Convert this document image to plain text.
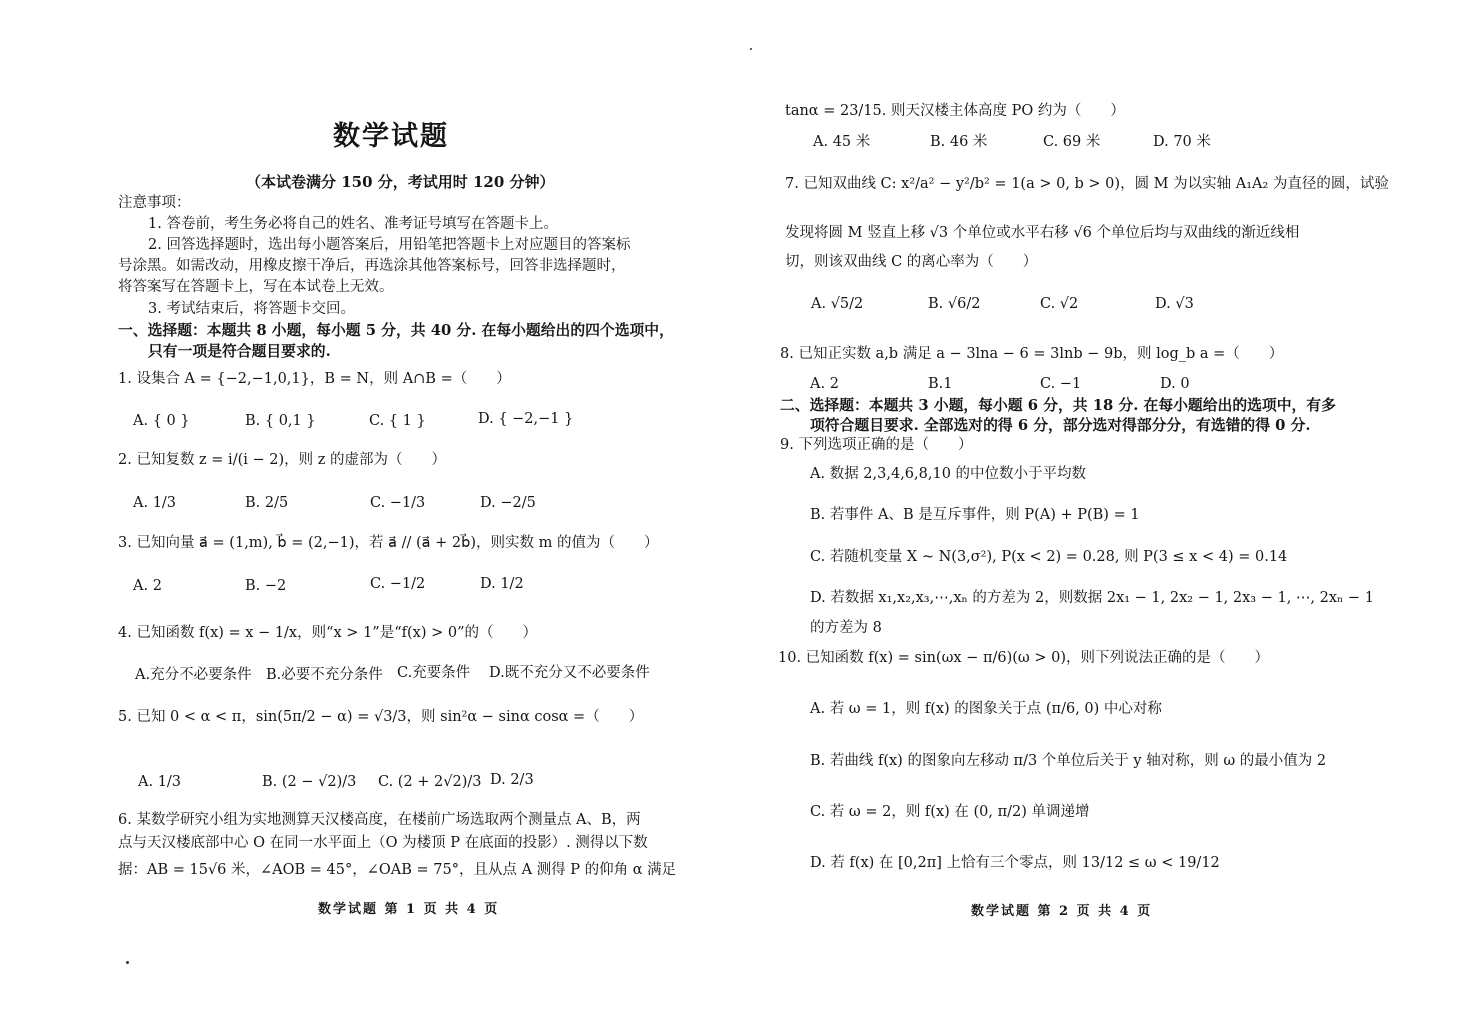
数学试题
（本试卷满分 150 分，考试用时 120 分钟）
注意事项：
1. 答卷前，考生务必将自己的姓名、准考证号填写在答题卡上。
2. 回答选择题时，选出每小题答案后，用铅笔把答题卡上对应题目的答案标
号涂黑。如需改动，用橡皮擦干净后，再选涂其他答案标号，回答非选择题时，
将答案写在答题卡上，写在本试卷上无效。
3. 考试结束后，将答题卡交回。
一、选择题：本题共 8 小题，每小题 5 分，共 40 分. 在每小题给出的四个选项中，
只有一项是符合题目要求的.
1. 设集合 A = {−2,−1,0,1}，B = N，则 A∩B =（　　）
A. { 0 }	B. { 0,1 }	C. { 1 }	D. { −2,−1 }
2. 已知复数 z = i/(i − 2)，则 z 的虚部为（　　）
A. 1/3	B. 2/5	C. −1/3	D. −2/5
3. 已知向量 a⃗ = (1,m), b⃗ = (2,−1)，若 a⃗ // (a⃗ + 2b⃗)，则实数 m 的值为（　　）
A. 2	B. −2	C. −1/2	D. 1/2
4. 已知函数 f(x) = x − 1/x，则“x > 1”是“f(x) > 0”的（　　）
A.充分不必要条件 B.必要不充分条件 C.充要条件 D.既不充分又不必要条件
5. 已知 0 < α < π，sin(5π/2 − α) = √3/3，则 sin²α − sinα cosα =（　　）
A. 1/3	B. (2 − √2)/3 C. (2 + 2√2)/3 D. 2/3
6. 某数学研究小组为实地测算天汉楼高度，在楼前广场选取两个测量点 A、B，两
点与天汉楼底部中心 O 在同一水平面上（O 为楼顶 P 在底面的投影）. 测得以下数
据：AB = 15√6 米，∠AOB = 45°，∠OAB = 75°，且从点 A 测得 P 的仰角 α 满足
数学试题 第 1 页 共 4 页
tanα = 23/15. 则天汉楼主体高度 PO 约为（　　）
A. 45 米	B. 46 米	C. 69 米	D. 70 米
7. 已知双曲线 C: x²/a² − y²/b² = 1(a > 0, b > 0)，圆 M 为以实轴 A₁A₂ 为直径的圆，试验
发现将圆 M 竖直上移 √3 个单位或水平右移 √6 个单位后均与双曲线的渐近线相
切，则该双曲线 C 的离心率为（　　）
A. √5/2	B. √6/2	C. √2	D. √3
8. 已知正实数 a,b 满足 a − 3lna − 6 = 3lnb − 9b，则 log_b a =（　　）
A. 2	B.1	C. −1	D. 0
二、选择题：本题共 3 小题，每小题 6 分，共 18 分. 在每小题给出的选项中，有多
项符合题目要求. 全部选对的得 6 分，部分选对得部分分，有选错的得 0 分.
9. 下列选项正确的是（　　）
A. 数据 2,3,4,6,8,10 的中位数小于平均数
B. 若事件 A、B 是互斥事件，则 P(A) + P(B) = 1
C. 若随机变量 X ~ N(3,σ²), P(x < 2) = 0.28, 则 P(3 ≤ x < 4) = 0.14
D. 若数据 x₁,x₂,x₃,⋯,xₙ 的方差为 2，则数据 2x₁ − 1, 2x₂ − 1, 2x₃ − 1, ⋯, 2xₙ − 1
的方差为 8
10. 已知函数 f(x) = sin(ωx − π/6)(ω > 0)，则下列说法正确的是（　　）
A. 若 ω = 1，则 f(x) 的图象关于点 (π/6, 0) 中心对称
B. 若曲线 f(x) 的图象向左移动 π/3 个单位后关于 y 轴对称，则 ω 的最小值为 2
C. 若 ω = 2，则 f(x) 在 (0, π/2) 单调递增
D. 若 f(x) 在 [0,2π] 上恰有三个零点，则 13/12 ≤ ω < 19/12
数学试题 第 2 页 共 4 页
